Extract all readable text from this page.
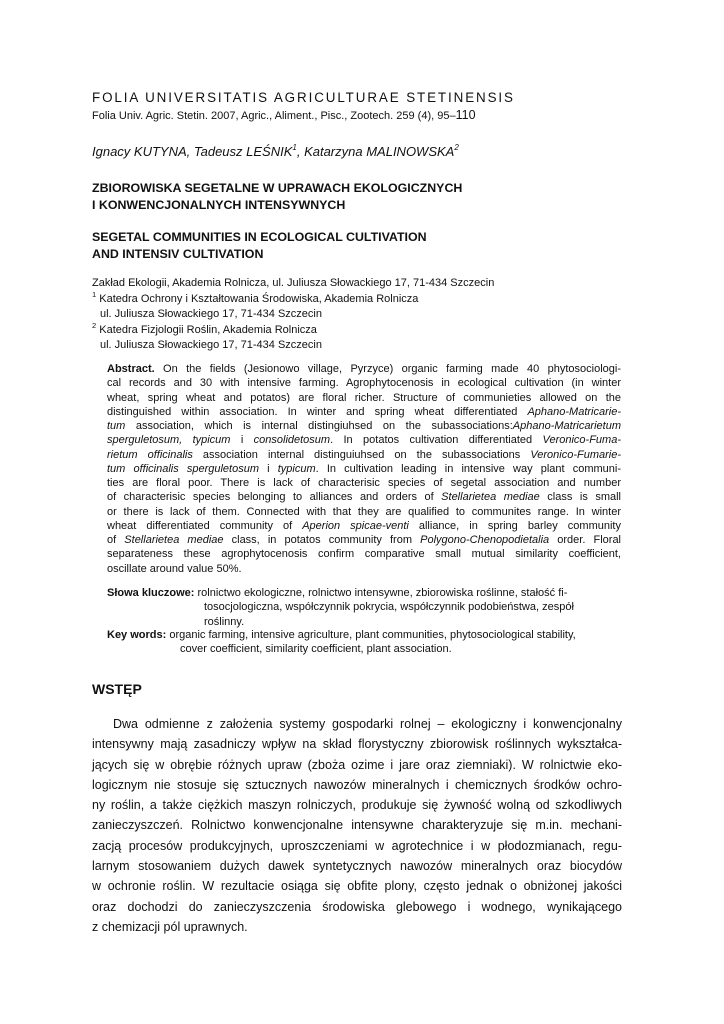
FOLIA UNIVERSITATIS AGRICULTURAE STETINENSIS
Folia Univ. Agric. Stetin. 2007, Agric., Aliment., Pisc., Zootech. 259 (4), 95–110
Ignacy KUTYNA, Tadeusz LEŚNIK$^1$, Katarzyna MALINOWSKA$^2$
ZBIOROWISKA SEGETALNE W UPRAWACH EKOLOGICZNYCH
I KONWENCJONALNYCH INTENSYWNYCH
SEGETAL COMMUNITIES IN ECOLOGICAL CULTIVATION
AND INTENSIV CULTIVATION
Zakład Ekologii, Akademia Rolnicza, ul. Juliusza Słowackiego 17, 71-434 Szczecin
$^1$ Katedra Ochrony i Kształtowania Środowiska, Akademia Rolnicza
ul. Juliusza Słowackiego 17, 71-434 Szczecin
$^2$ Katedra Fizjologii Roślin, Akademia Rolnicza
ul. Juliusza Słowackiego 17, 71-434 Szczecin
Abstract. On the fields (Jesionowo village, Pyrzyce) organic farming made 40 phytosociologi-
cal records and 30 with intensive farming. Agrophytocenosis in ecological cultivation (in winter
wheat, spring wheat and potatos) are floral richer. Structure of communieties allowed on the
distinguished within association. In winter and spring wheat differentiated Aphano-Matricarie-
tum association, which is internal distingiuhsed on the subassociations:Aphano-Matricarietum
sperguletosum, typicum i consolidetosum. In potatos cultivation differentiated Veronico-Fuma-
rietum officinalis association internal distinguiuhsed on the subassociations Veronico-Fumarie-
tum officinalis sperguletosum i typicum. In cultivation leading in intensive way plant communi-
ties are floral poor. There is lack of characterisic species of segetal association and number
of characterisic species belonging to alliances and orders of Stellarietea mediae class is small
or there is lack of them. Connected with that they are qualified to communites range. In winter
wheat differentiated community of Aperion spicae-venti alliance, in spring barley community
of Stellarietea mediae class, in potatos community from Polygono-Chenopodietalia order. Floral
separateness these agrophytocenosis confirm comparative small mutual similarity coefficient,
oscillate around value 50%.
Słowa kluczowe: rolnictwo ekologiczne, rolnictwo intensywne, zbiorowiska roślinne, stałość fi-
tosocjologiczna, współczynnik pokrycia, współczynnik podobieństwa, zespół
roślinny.
Key words: organic farming, intensive agriculture, plant communities, phytosociological stability,
cover coefficient, similarity coefficient, plant association.
WSTĘP
Dwa odmienne z założenia systemy gospodarki rolnej – ekologiczny i konwencjonalny
intensywny mają zasadniczy wpływ na skład florystyczny zbiorowisk roślinnych wykształca-
jących się w obrębie różnych upraw (zboża ozime i jare oraz ziemniaki). W rolnictwie eko-
logicznym nie stosuje się sztucznych nawozów mineralnych i chemicznych środków ochro-
ny roślin, a także ciężkich maszyn rolniczych, produkuje się żywność wolną od szkodliwych
zanieczyszczeń. Rolnictwo konwencjonalne intensywne charakteryzuje się m.in. mechani-
zacją procesów produkcyjnych, uproszczeniami w agrotechnice i w płodozmianach, regu-
larnym stosowaniem dużych dawek syntetycznych nawozów mineralnych oraz biocydów
w ochronie roślin. W rezultacie osiąga się obfite plony, często jednak o obniżonej jakości
oraz dochodzi do zanieczyszczenia środowiska glebowego i wodnego, wynikającego
z chemizacji pól uprawnych.
